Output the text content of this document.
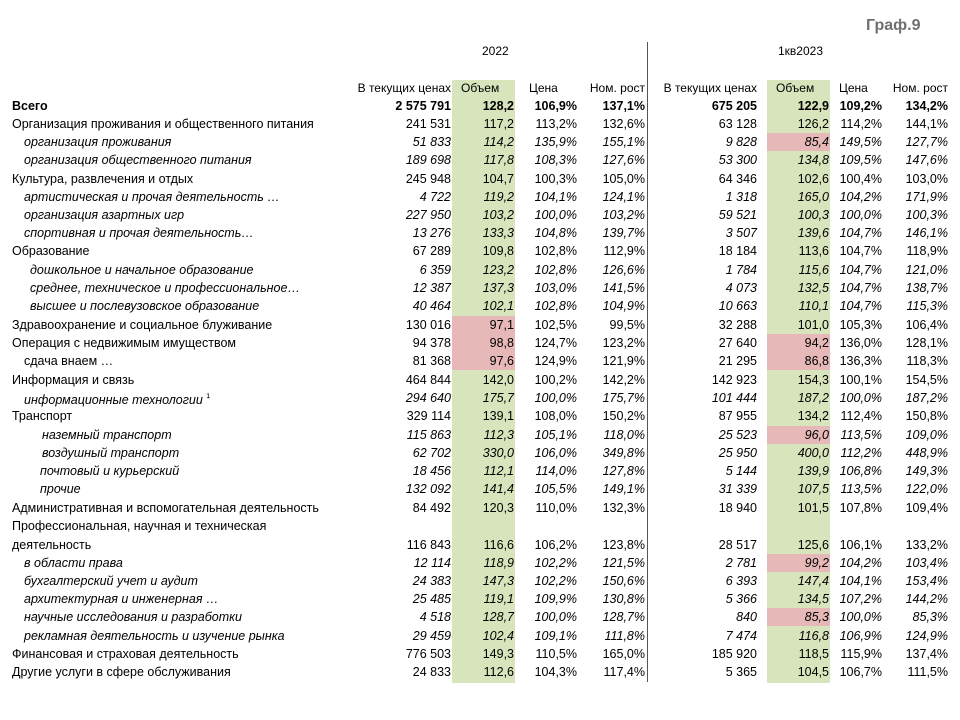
Граф.9
2022	1кв2023
В текущих ценах Объем	Цена	Ном. рост	В текущих ценах	Объем	Цена	Ном. рост
Всего	2 575 791	128,2	106,9%	137,1%	675 205	122,9 109,2%	134,2%
Организация проживания и общественного питания	241 531	117,2	113,2%	132,6%	63 128	126,2 114,2%	144,1%
организация проживания	51 833	114,2	135,9%	155,1%	9 828	85,4 149,5%	127,7%
организация общественного питания	189 698	117,8	108,3%	127,6%	53 300	134,8 109,5%	147,6%
Культура, развлечения и отдых	245 948	104,7	100,3%	105,0%	64 346	102,6 100,4%	103,0%
артистическая и прочая деятельность …	4 722	119,2	104,1%	124,1%	1 318	165,0 104,2%	171,9%
организация азартных игр	227 950	103,2	100,0%	103,2%	59 521	100,3 100,0%	100,3%
спортивная и прочая деятельность…	13 276	133,3	104,8%	139,7%	3 507	139,6 104,7%	146,1%
Образование	67 289	109,8	102,8%	112,9%	18 184	113,6 104,7%	118,9%
дошкольное и начальное образование	6 359	123,2	102,8%	126,6%	1 784	115,6 104,7%	121,0%
среднее, техническое и профессиональное…	12 387	137,3	103,0%	141,5%	4 073	132,5 104,7%	138,7%
высшее и послевузовское образование	40 464	102,1	102,8%	104,9%	10 663	110,1 104,7%	115,3%
Здравоохранение и социальное блуживание	130 016	97,1	102,5%	99,5%	32 288	101,0 105,3%	106,4%
Операция с недвижимым имуществом	94 378	98,8	124,7%	123,2%	27 640	94,2 136,0%	128,1%
сдача внаем …	81 368	97,6	124,9%	121,9%	21 295	86,8 136,3%	118,3%
Информация и связь	464 844	142,0	100,2%	142,2%	142 923	154,3 100,1%	154,5%
информационные технологии ¹	294 640	175,7	100,0%	175,7%	101 444	187,2 100,0%	187,2%
Транспорт	329 114	139,1	108,0%	150,2%	87 955	134,2 112,4%	150,8%
наземный транспорт	115 863	112,3	105,1%	118,0%	25 523	96,0 113,5%	109,0%
воздушный транспорт	62 702	330,0	106,0%	349,8%	25 950	400,0 112,2%	448,9%
почтовый и курьерский	18 456	112,1	114,0%	127,8%	5 144	139,9 106,8%	149,3%
прочие	132 092	141,4	105,5%	149,1%	31 339	107,5 113,5%	122,0%
Административная и вспомогательная деятельность	84 492	120,3	110,0%	132,3%	18 940	101,5 107,8%	109,4%
Профессиональная, научная и техническая
деятельность	116 843	116,6	106,2%	123,8%	28 517	125,6 106,1%	133,2%
в области права	12 114	118,9	102,2%	121,5%	2 781	99,2 104,2%	103,4%
бухгалтерский учет и аудит	24 383	147,3	102,2%	150,6%	6 393	147,4 104,1%	153,4%
архитектурная и инженерная …	25 485	119,1	109,9%	130,8%	5 366	134,5 107,2%	144,2%
научные исследования и разработки	4 518	128,7	100,0%	128,7%	840	85,3 100,0%	85,3%
рекламная деятельность и изучение рынка	29 459	102,4	109,1%	111,8%	7 474	116,8 106,9%	124,9%
Финансовая и страховая деятельность	776 503	149,3	110,5%	165,0%	185 920	118,5 115,9%	137,4%
Другие услуги в сфере обслуживания	24 833	112,6	104,3%	117,4%	5 365	104,5 106,7%	111,5%
